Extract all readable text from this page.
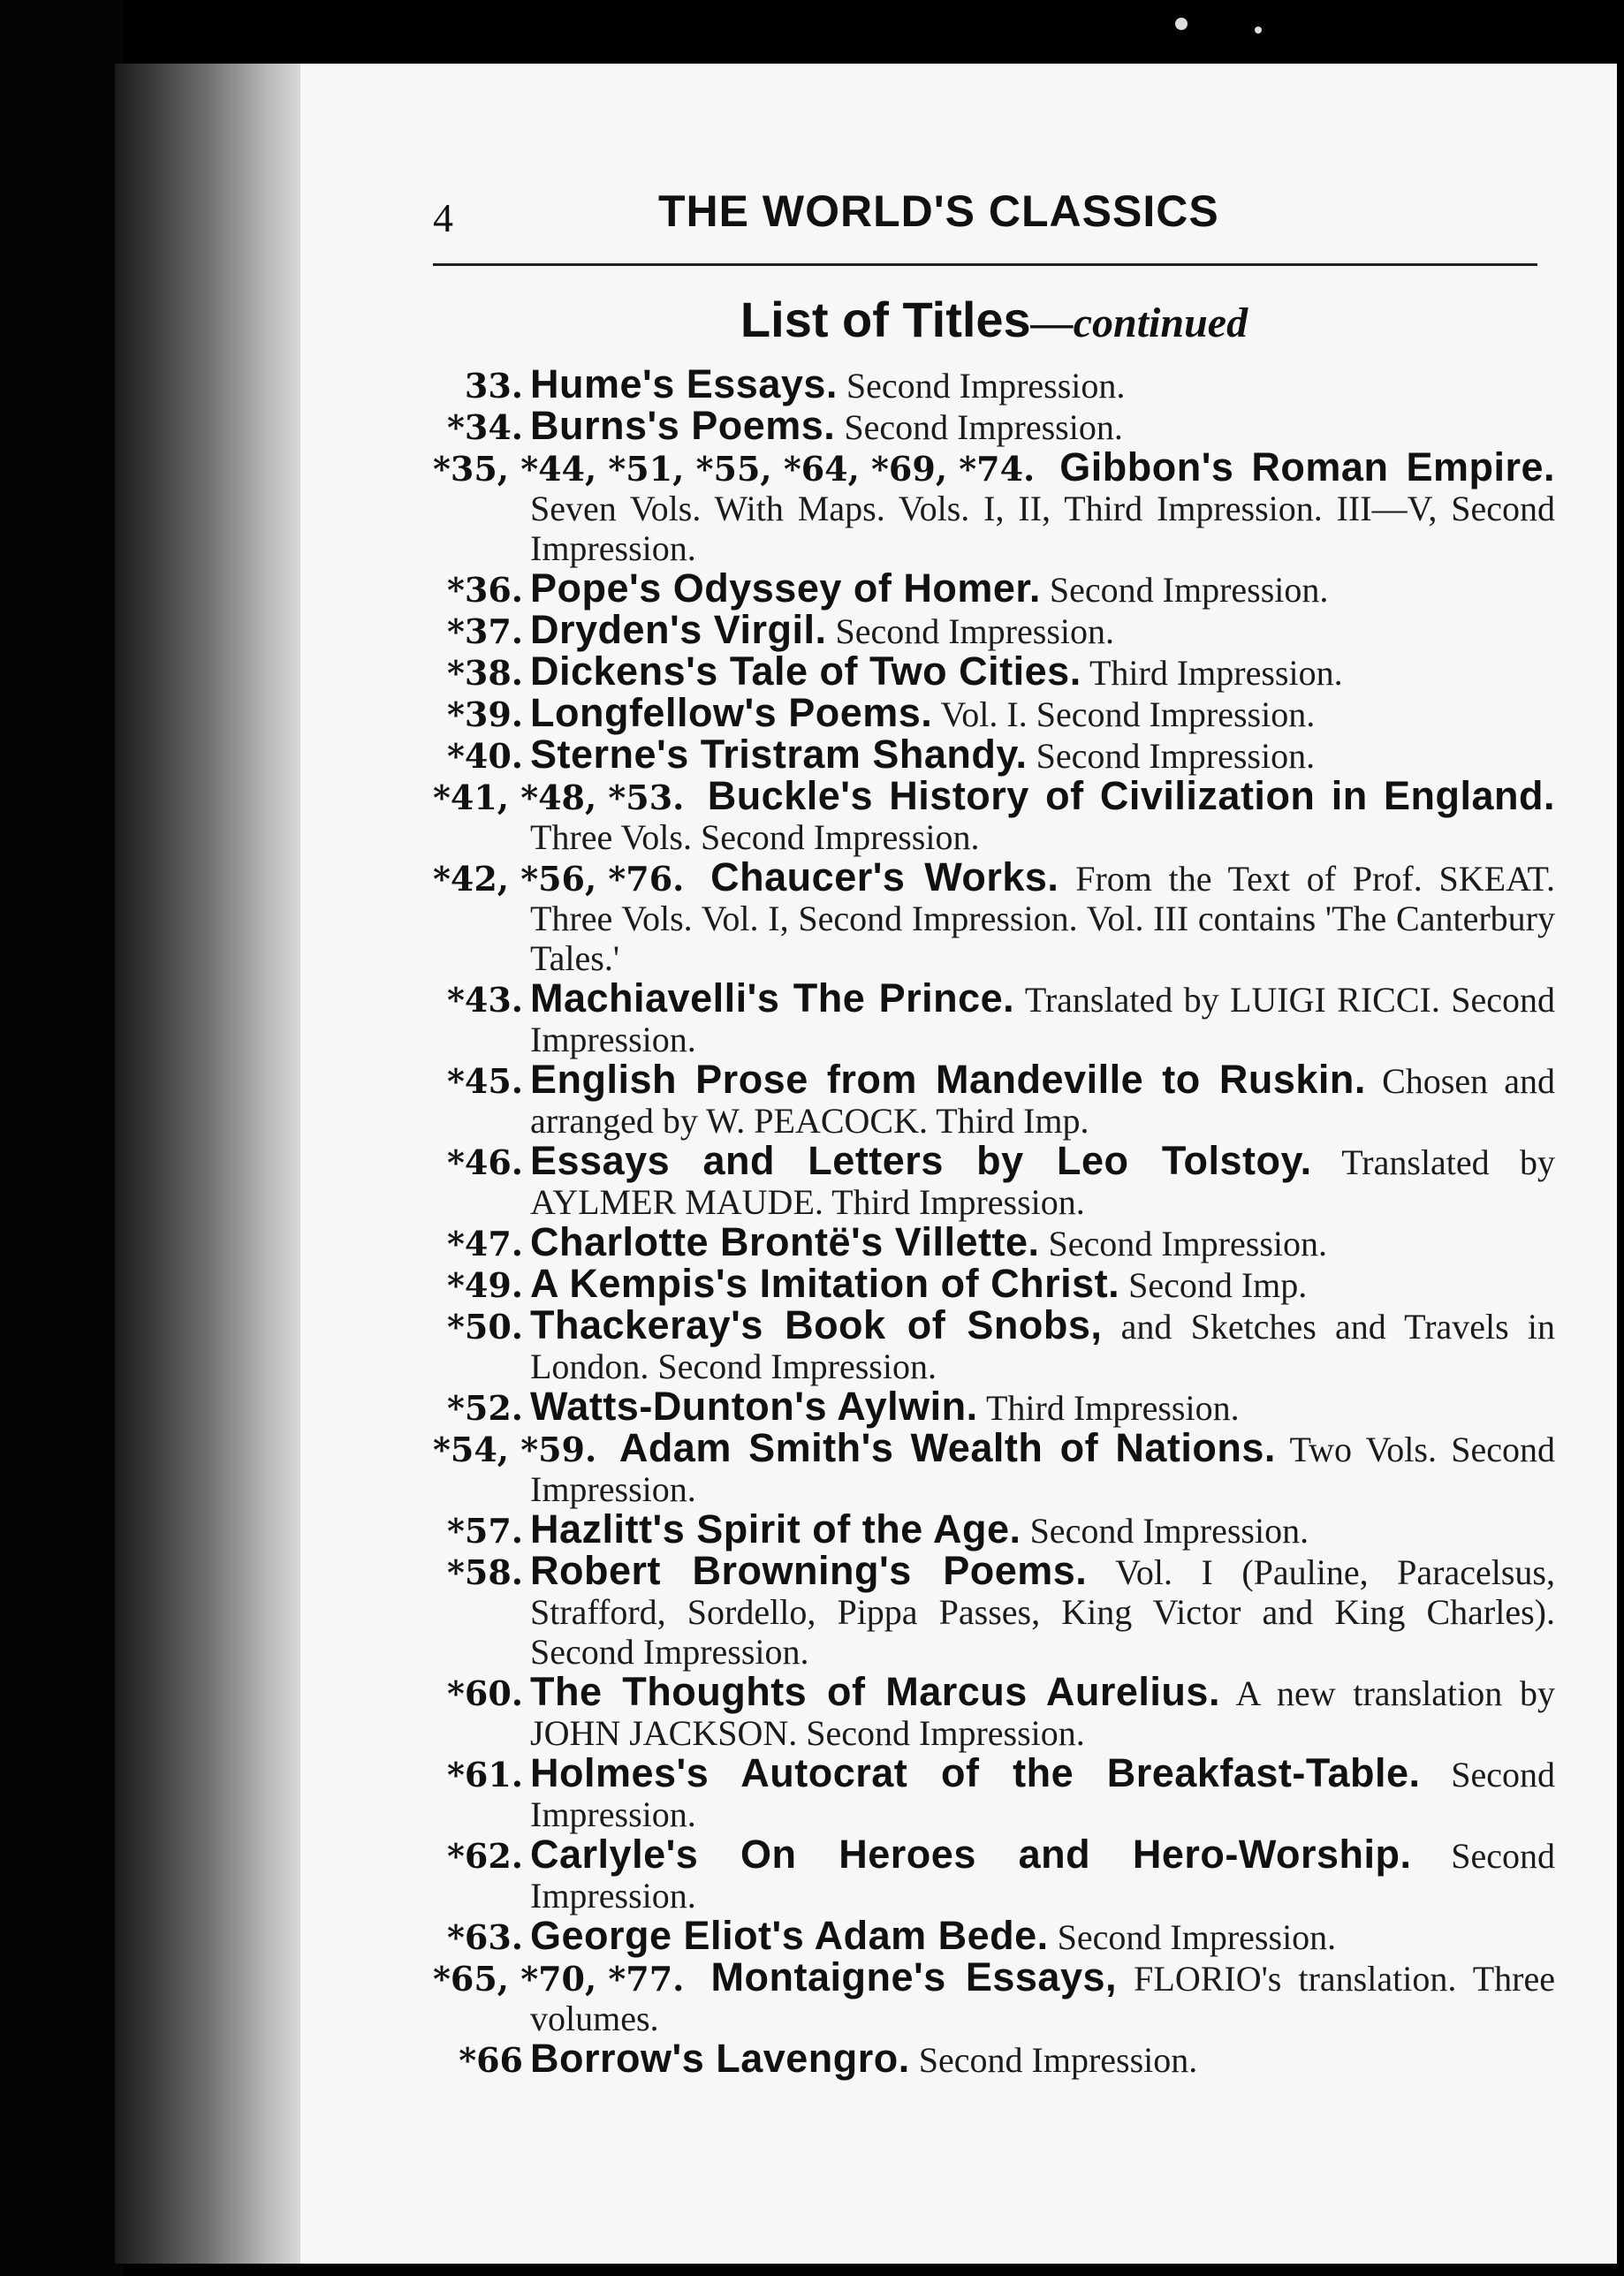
4	THE WORLD'S CLASSICS
List of Titles—continued
33. Hume's Essays. Second Impression.
*34. Burns's Poems. Second Impression.
*35, *44, *51, *55, *64, *69, *74. Gibbon's Roman Empire. Seven Vols. With Maps. Vols. I, II, Third Impression. III—V, Second Impression.
*36. Pope's Odyssey of Homer. Second Impression.
*37. Dryden's Virgil. Second Impression.
*38. Dickens's Tale of Two Cities. Third Impression.
*39. Longfellow's Poems. Vol. I. Second Impression.
*40. Sterne's Tristram Shandy. Second Impression.
*41, *48, *53. Buckle's History of Civilization in England. Three Vols. Second Impression.
*42, *56, *76. Chaucer's Works. From the Text of Prof. SKEAT. Three Vols. Vol. I, Second Impression. Vol. III contains 'The Canterbury Tales.'
*43. Machiavelli's The Prince. Translated by LUIGI RICCI. Second Impression.
*45. English Prose from Mandeville to Ruskin. Chosen and arranged by W. PEACOCK. Third Imp.
*46. Essays and Letters by Leo Tolstoy. Translated by AYLMER MAUDE. Third Impression.
*47. Charlotte Brontë's Villette. Second Impression.
*49. A Kempis's Imitation of Christ. Second Imp.
*50. Thackeray's Book of Snobs, and Sketches and Travels in London. Second Impression.
*52. Watts-Dunton's Aylwin. Third Impression.
*54, *59. Adam Smith's Wealth of Nations. Two Vols. Second Impression.
*57. Hazlitt's Spirit of the Age. Second Impression.
*58. Robert Browning's Poems. Vol. I (Pauline, Paracelsus, Strafford, Sordello, Pippa Passes, King Victor and King Charles). Second Impression.
*60. The Thoughts of Marcus Aurelius. A new translation by JOHN JACKSON. Second Impression.
*61. Holmes's Autocrat of the Breakfast-Table. Second Impression.
*62. Carlyle's On Heroes and Hero-Worship. Second Impression.
*63. George Eliot's Adam Bede. Second Impression.
*65, *70, *77. Montaigne's Essays, FLORIO's translation. Three volumes.
*66 Borrow's Lavengro. Second Impression.
